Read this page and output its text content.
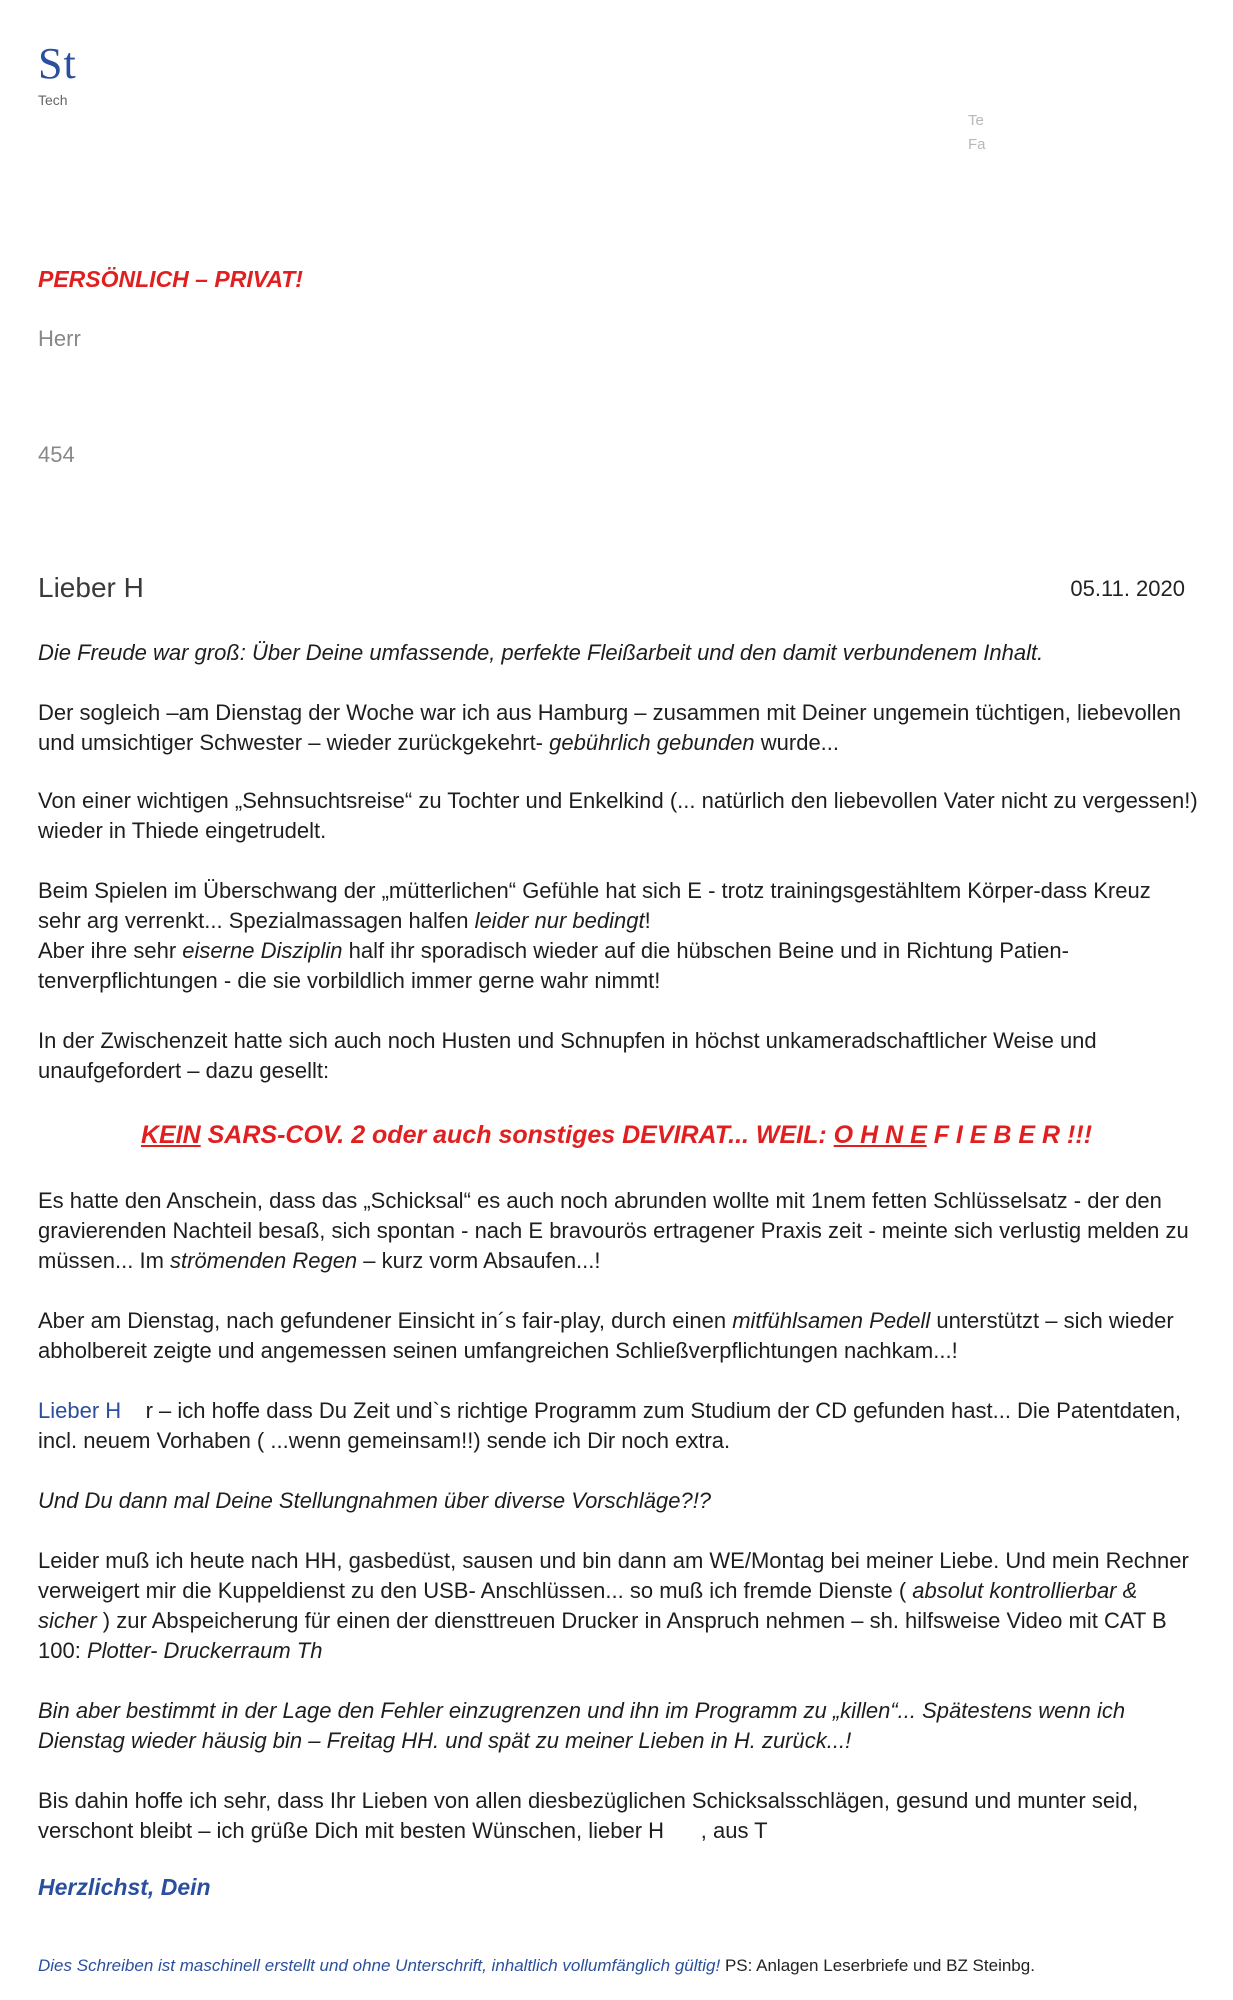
St
Tech
Te
Fa
PERSÖNLICH – PRIVAT!
Herr
454
Lieber H	05.11. 2020
Die Freude war groß: Über Deine umfassende, perfekte Fleißarbeit und den damit verbundenem Inhalt.
Der sogleich –am Dienstag der Woche war ich aus Hamburg – zusammen mit Deiner ungemein tüchtigen, liebevollen und umsichtiger Schwester – wieder zurückgekehrt- gebührlich gebunden wurde...
Von einer wichtigen „Sehnsuchtsreise“ zu Tochter und Enkelkind (... natürlich den liebevollen Vater nicht zu vergessen!) wieder in Thiede eingetrudelt.
Beim Spielen im Überschwang der „mütterlichen“ Gefühle hat sich E - trotz trainingsgestähltem Körper-dass Kreuz sehr arg verrenkt... Spezialmassagen halfen leider nur bedingt!
Aber ihre sehr eiserne Disziplin half ihr sporadisch wieder auf die hübschen Beine und in Richtung Patien-tenverpflichtungen - die sie vorbildlich immer gerne wahr nimmt!
In der Zwischenzeit hatte sich auch noch Husten und Schnupfen in höchst unkameradschaftlicher Weise und unaufgefordert – dazu gesellt:
KEIN SARS-COV. 2 oder auch sonstiges DEVIRAT... WEIL: O H N E F I E B E R !!!
Es hatte den Anschein, dass das „Schicksal“ es auch noch abrunden wollte mit 1nem fetten Schlüsselsatz - der den gravierenden Nachteil besaß, sich spontan - nach E bravourös ertragener Praxis zeit - meinte sich verlustig melden zu müssen... Im strömenden Regen – kurz vorm Absaufen...!
Aber am Dienstag, nach gefundener Einsicht in´s fair-play, durch einen mitfühlsamen Pedell unterstützt – sich wieder abholbereit zeigte und angemessen seinen umfangreichen Schließverpflichtungen nachkam...!
Lieber H r – ich hoffe dass Du Zeit und`s richtige Programm zum Studium der CD gefunden hast... Die Patentdaten, incl. neuem Vorhaben ( ...wenn gemeinsam!!) sende ich Dir noch extra.
Und Du dann mal Deine Stellungnahmen über diverse Vorschläge?!?
Leider muß ich heute nach HH, gasbedüst, sausen und bin dann am WE/Montag bei meiner Liebe. Und mein Rechner verweigert mir die Kuppeldienst zu den USB- Anschlüssen... so muß ich fremde Dienste ( absolut kontrollierbar & sicher ) zur Abspeicherung für einen der diensttreuen Drucker in Anspruch nehmen – sh. hilfsweise Video mit CAT B 100: Plotter- Druckerraum Th
Bin aber bestimmt in der Lage den Fehler einzugrenzen und ihn im Programm zu „killen“... Spätestens wenn ich Dienstag wieder häusig bin – Freitag HH. und spät zu meiner Lieben in H. zurück...!
Bis dahin hoffe ich sehr, dass Ihr Lieben von allen diesbezüglichen Schicksalsschlägen, gesund und munter seid, verschont bleibt – ich grüße Dich mit besten Wünschen, lieber H , aus T
Herzlichst, Dein
Dies Schreiben ist maschinell erstellt und ohne Unterschrift, inhaltlich vollumfänglich gültig! PS: Anlagen Leserbriefe und BZ Steinbg.
